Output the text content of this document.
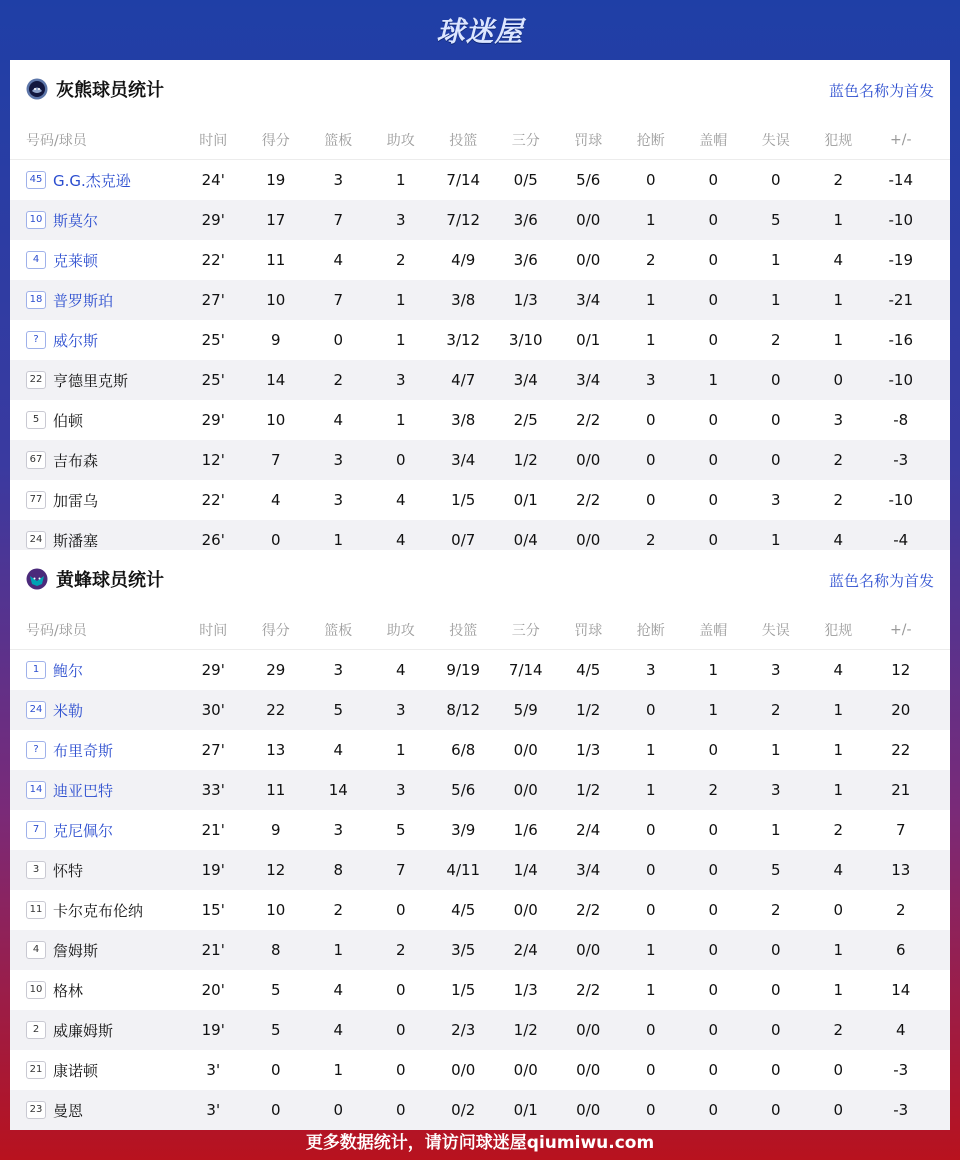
球迷屋
灰熊球员统计	蓝色名称为首发
号码/球员	时间	得分	篮板	助攻	投篮	三分	罚球	抢断	盖帽	失误	犯规	+/-
45 G.G.杰克逊	24'	19	3	1	7/14	0/5	5/6	0	0	0	2	-14
10 斯莫尔	29'	17	7	3	7/12	3/6	0/0	1	0	5	1	-10
4 克莱顿	22'	11	4	2	4/9	3/6	0/0	2	0	1	4	-19
18 普罗斯珀	27'	10	7	1	3/8	1/3	3/4	1	0	1	1	-21
? 威尔斯	25'	9	0	1	3/12	3/10	0/1	1	0	2	1	-16
22 亨德里克斯	25'	14	2	3	4/7	3/4	3/4	3	1	0	0	-10
5 伯顿	29'	10	4	1	3/8	2/5	2/2	0	0	0	3	-8
67 吉布森	12'	7	3	0	3/4	1/2	0/0	0	0	0	2	-3
77 加雷乌	22'	4	3	4	1/5	0/1	2/2	0	0	3	2	-10
24 斯潘塞	26'	0	1	4	0/7	0/4	0/0	2	0	1	4	-4
黄蜂球员统计	蓝色名称为首发
号码/球员	时间	得分	篮板	助攻	投篮	三分	罚球	抢断	盖帽	失误	犯规	+/-
1 鲍尔	29'	29	3	4	9/19	7/14	4/5	3	1	3	4	12
24 米勒	30'	22	5	3	8/12	5/9	1/2	0	1	2	1	20
? 布里奇斯	27'	13	4	1	6/8	0/0	1/3	1	0	1	1	22
14 迪亚巴特	33'	11	14	3	5/6	0/0	1/2	1	2	3	1	21
7 克尼佩尔	21'	9	3	5	3/9	1/6	2/4	0	0	1	2	7
3 怀特	19'	12	8	7	4/11	1/4	3/4	0	0	5	4	13
11 卡尔克布伦纳	15'	10	2	0	4/5	0/0	2/2	0	0	2	0	2
4 詹姆斯	21'	8	1	2	3/5	2/4	0/0	1	0	0	1	6
10 格林	20'	5	4	0	1/5	1/3	2/2	1	0	0	1	14
2 威廉姆斯	19'	5	4	0	2/3	1/2	0/0	0	0	0	2	4
21 康诺顿	3'	0	1	0	0/0	0/0	0/0	0	0	0	0	-3
23 曼恩	3'	0	0	0	0/2	0/1	0/0	0	0	0	0	-3
更多数据统计，请访问球迷屋qiumiwu.com
